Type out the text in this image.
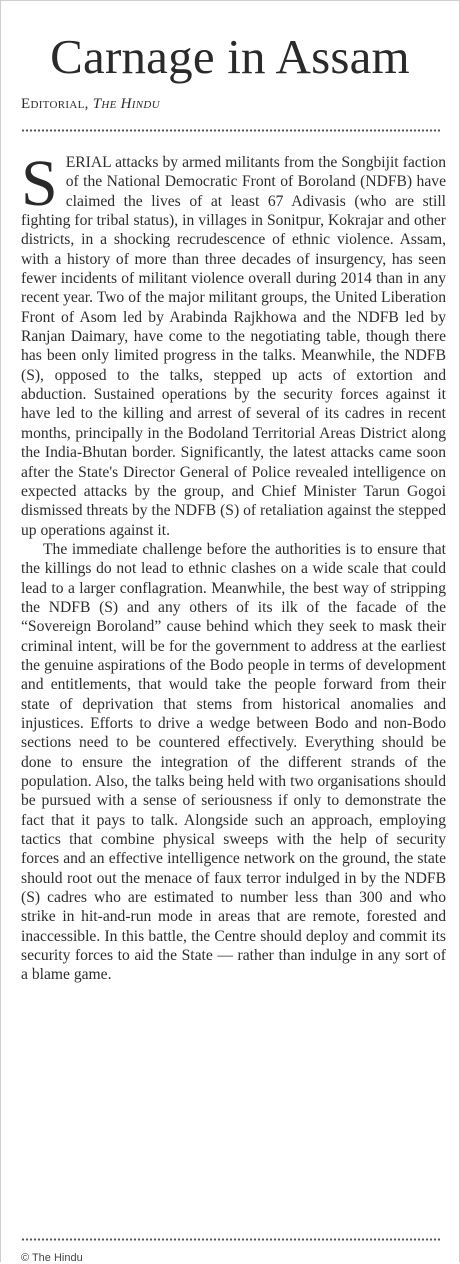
Carnage in Assam
Editorial, The Hindu

SERIAL attacks by armed militants from the Songbijit faction of the National Democratic Front of Boroland (NDFB) have claimed the lives of at least 67 Adivasis (who are still fighting for tribal status), in villages in Sonitpur, Kokrajar and other districts, in a shocking recrudescence of ethnic violence. Assam, with a history of more than three decades of insurgency, has seen fewer incidents of militant violence overall during 2014 than in any recent year. Two of the major militant groups, the United Liberation Front of Asom led by Arabinda Rajkhowa and the NDFB led by Ranjan Daimary, have come to the negotiating table, though there has been only limited progress in the talks. Meanwhile, the NDFB (S), opposed to the talks, stepped up acts of extortion and abduction. Sustained operations by the security forces against it have led to the killing and arrest of several of its cadres in recent months, principally in the Bodoland Territorial Areas District along the India-Bhutan border. Significantly, the latest attacks came soon after the State's Director General of Police revealed intelligence on expected attacks by the group, and Chief Minister Tarun Gogoi dismissed threats by the NDFB (S) of retaliation against the stepped up operations against it.

The immediate challenge before the authorities is to ensure that the killings do not lead to ethnic clashes on a wide scale that could lead to a larger conflagration. Meanwhile, the best way of stripping the NDFB (S) and any others of its ilk of the facade of the “Sovereign Boroland” cause behind which they seek to mask their criminal intent, will be for the government to address at the earliest the genuine aspirations of the Bodo people in terms of development and entitlements, that would take the people forward from their state of deprivation that stems from historical anomalies and injustices. Efforts to drive a wedge between Bodo and non-Bodo sections need to be countered effectively. Everything should be done to ensure the integration of the different strands of the population. Also, the talks being held with two organisations should be pursued with a sense of seriousness if only to demonstrate the fact that it pays to talk. Alongside such an approach, employing tactics that combine physical sweeps with the help of security forces and an effective intelligence network on the ground, the state should root out the menace of faux terror indulged in by the NDFB (S) cadres who are estimated to number less than 300 and who strike in hit-and-run mode in areas that are remote, forested and inaccessible. In this battle, the Centre should deploy and commit its security forces to aid the State — rather than indulge in any sort of a blame game.

© The Hindu
